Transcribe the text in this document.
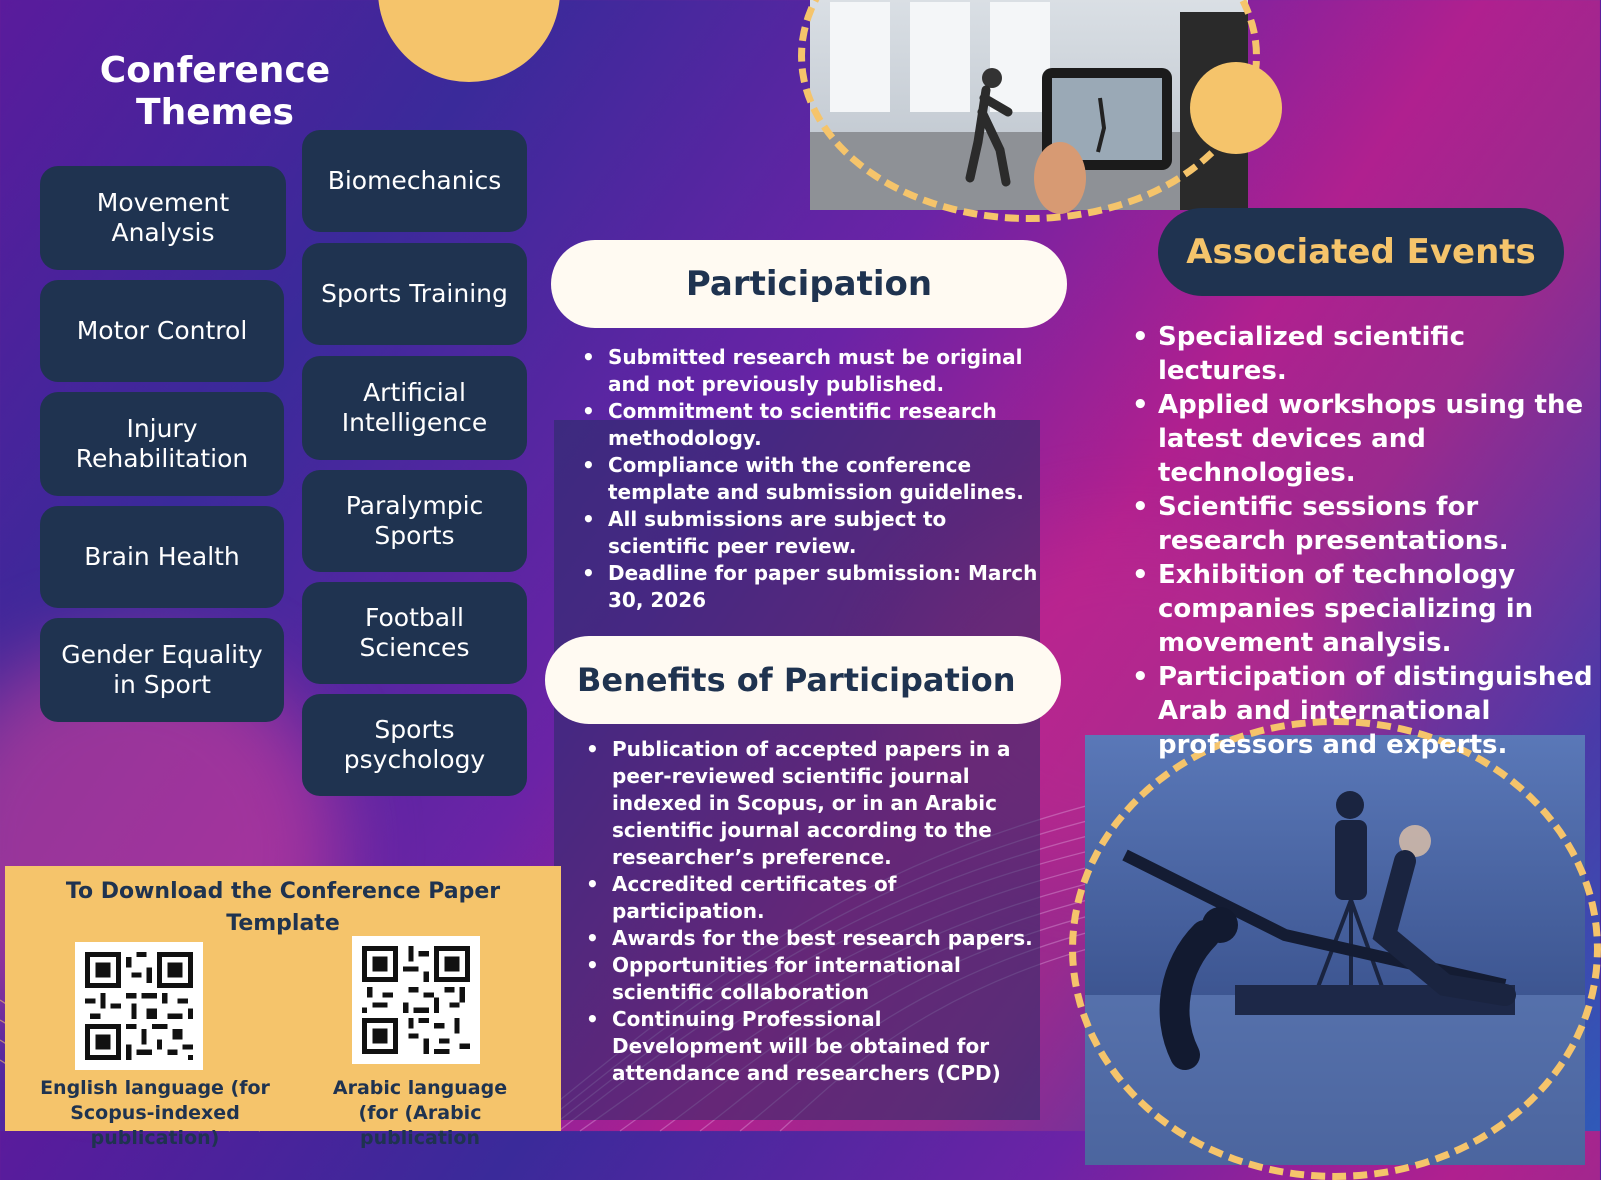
Conference Themes
Movement Analysis
Motor Control
Injury Rehabilitation
Brain Health
Gender Equality in Sport
Biomechanics
Sports Training
Artificial Intelligence
Paralympic Sports
Football Sciences
Sports psychology
Participation
• Submitted research must be original and not previously published.
• Commitment to scientific research methodology.
• Compliance with the conference template and submission guidelines.
• All submissions are subject to scientific peer review.
• Deadline for paper submission: March 30, 2026
Benefits of Participation
• Publication of accepted papers in a peer-reviewed scientific journal indexed in Scopus, or in an Arabic scientific journal according to the researcher’s preference.
• Accredited certificates of participation.
• Awards for the best research papers.
• Opportunities for international scientific collaboration
• Continuing Professional Development will be obtained for attendance and researchers (CPD)
Associated Events
• Specialized scientific lectures.
• Applied workshops using the latest devices and technologies.
• Scientific sessions for research presentations.
• Exhibition of technology companies specializing in movement analysis.
• Participation of distinguished Arab and international professors and experts.
To Download the Conference Paper Template
English language (for Scopus-indexed publication)
Arabic language (for (Arabic publication
